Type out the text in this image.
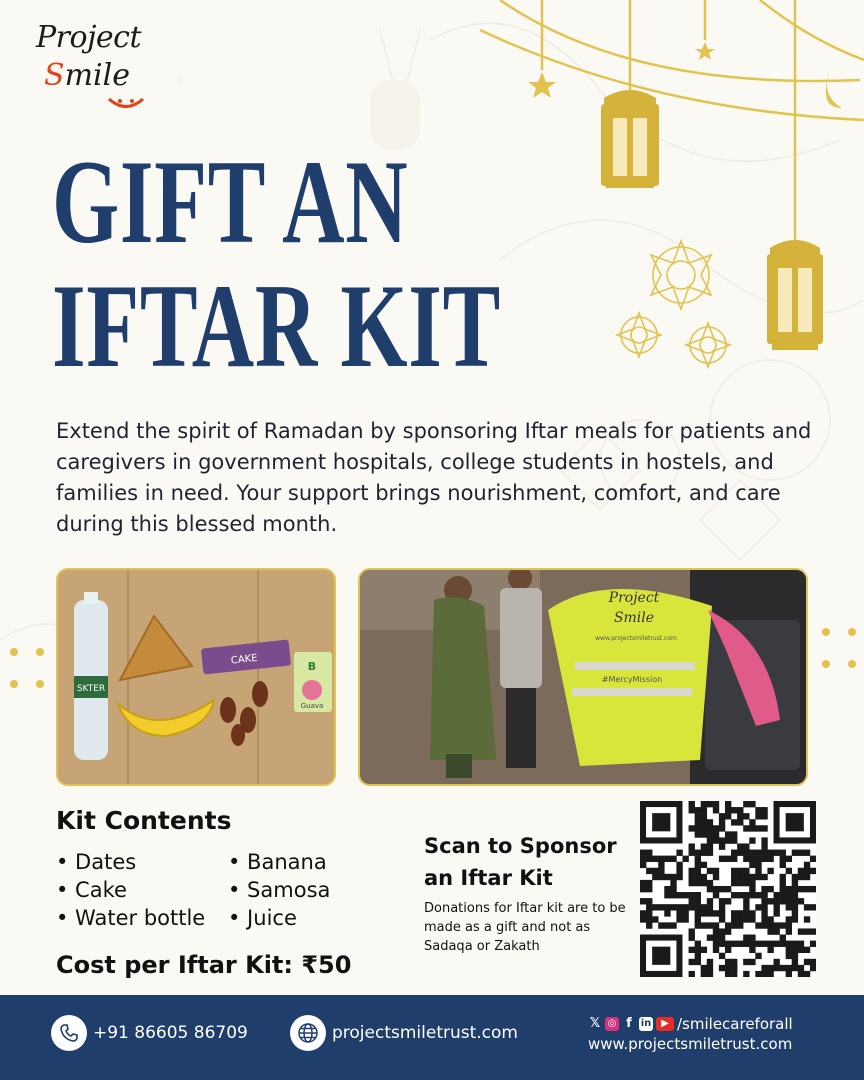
Project
Smile
GIFT AN
IFTAR KIT

Extend the spirit of Ramadan by sponsoring Iftar meals for patients and caregivers in government hospitals, college students in hostels, and families in need. Your support brings nourishment, comfort, and care during this blessed month.

SKTER
CAKE	B
Guava
Project
Smile
www.projectsmiletrust.com
#MercyMission
Kit Contents
• Dates	• Banana
• Cake	• Samosa
• Water bottle	• Juice
Cost per Iftar Kit: ₹50
Scan to Sponsor an Iftar Kit
Donations for Iftar kit are to be made as a gift and not as Sadaqa or Zakath
+91 86605 86709	projectsmiletrust.com	𝕏 ◎ f in ▶ /smilecareforall
www.projectsmiletrust.com
